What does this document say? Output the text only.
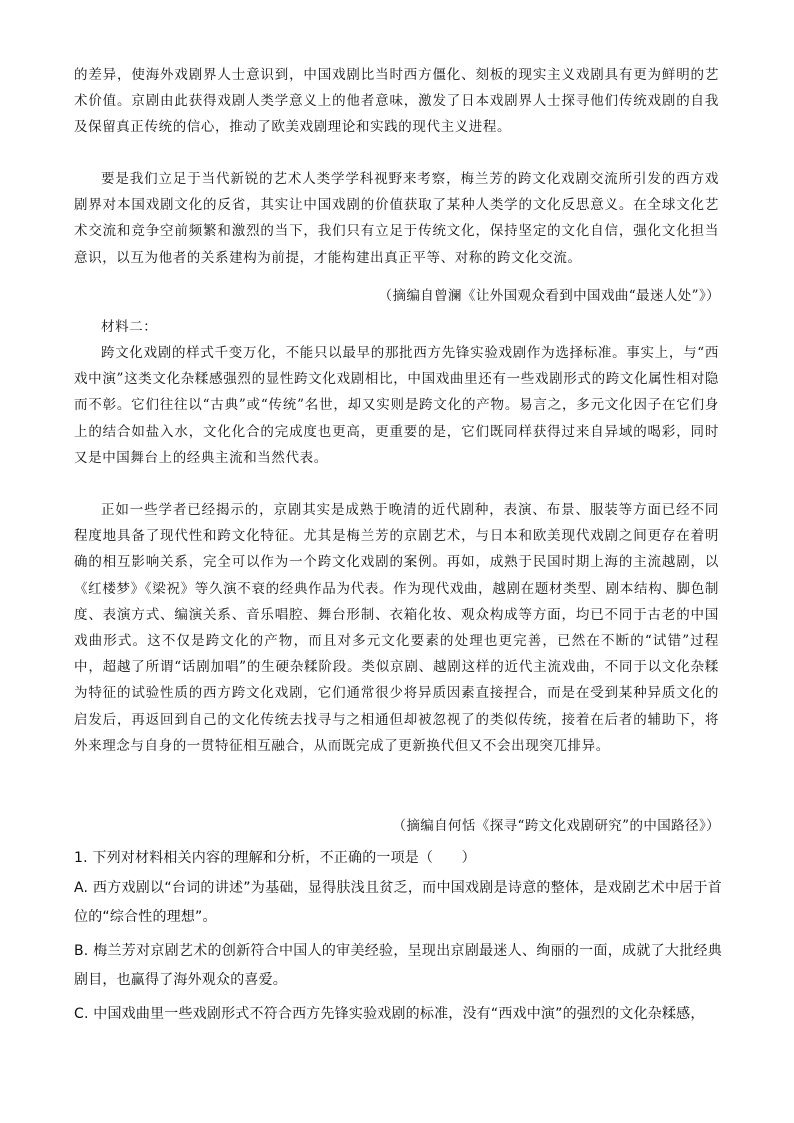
的差异，使海外戏剧界人士意识到，中国戏剧比当时西方僵化、刻板的现实主义戏剧具有更为鲜明的艺术价值。京剧由此获得戏剧人类学意义上的他者意味，激发了日本戏剧界人士探寻他们传统戏剧的自我及保留真正传统的信心，推动了欧美戏剧理论和实践的现代主义进程。

要是我们立足于当代新锐的艺术人类学学科视野来考察，梅兰芳的跨文化戏剧交流所引发的西方戏剧界对本国戏剧文化的反省，其实让中国戏剧的价值获取了某种人类学的文化反思意义。在全球文化艺术交流和竞争空前频繁和激烈的当下，我们只有立足于传统文化，保持坚定的文化自信，强化文化担当意识，以互为他者的关系建构为前提，才能构建出真正平等、对称的跨文化交流。

（摘编自曾澜《让外国观众看到中国戏曲“最迷人处”》）

材料二：

跨文化戏剧的样式千变万化，不能只以最早的那批西方先锋实验戏剧作为选择标准。事实上，与“西戏中演”这类文化杂糅感强烈的显性跨文化戏剧相比，中国戏曲里还有一些戏剧形式的跨文化属性相对隐而不彰。它们往往以“古典”或“传统”名世，却又实则是跨文化的产物。易言之，多元文化因子在它们身上的结合如盐入水，文化化合的完成度也更高，更重要的是，它们既同样获得过来自异域的喝彩，同时又是中国舞台上的经典主流和当然代表。

正如一些学者已经揭示的，京剧其实是成熟于晚清的近代剧种，表演、布景、服装等方面已经不同程度地具备了现代性和跨文化特征。尤其是梅兰芳的京剧艺术，与日本和欧美现代戏剧之间更存在着明确的相互影响关系，完全可以作为一个跨文化戏剧的案例。再如，成熟于民国时期上海的主流越剧，以《红楼梦》《梁祝》等久演不衰的经典作品为代表。作为现代戏曲，越剧在题材类型、剧本结构、脚色制度、表演方式、编演关系、音乐唱腔、舞台形制、衣箱化妆、观众构成等方面，均已不同于古老的中国戏曲形式。这不仅是跨文化的产物，而且对多元文化要素的处理也更完善，已然在不断的“试错”过程中，超越了所谓“话剧加唱”的生硬杂糅阶段。类似京剧、越剧这样的近代主流戏曲，不同于以文化杂糅为特征的试验性质的西方跨文化戏剧，它们通常很少将异质因素直接捏合，而是在受到某种异质文化的启发后，再返回到自己的文化传统去找寻与之相通但却被忽视了的类似传统，接着在后者的辅助下，将外来理念与自身的一贯特征相互融合，从而既完成了更新换代但又不会出现突兀排异。

（摘编自何恬《探寻“跨文化戏剧研究”的中国路径》）

1. 下列对材料相关内容的理解和分析，不正确的一项是（　　）

A. 西方戏剧以“台词的讲述”为基础，显得肤浅且贫乏，而中国戏剧是诗意的整体，是戏剧艺术中居于首位的“综合性的理想”。

B. 梅兰芳对京剧艺术的创新符合中国人的审美经验，呈现出京剧最迷人、绚丽的一面，成就了大批经典剧目，也赢得了海外观众的喜爱。

C. 中国戏曲里一些戏剧形式不符合西方先锋实验戏剧的标准，没有“西戏中演”的强烈的文化杂糅感，
